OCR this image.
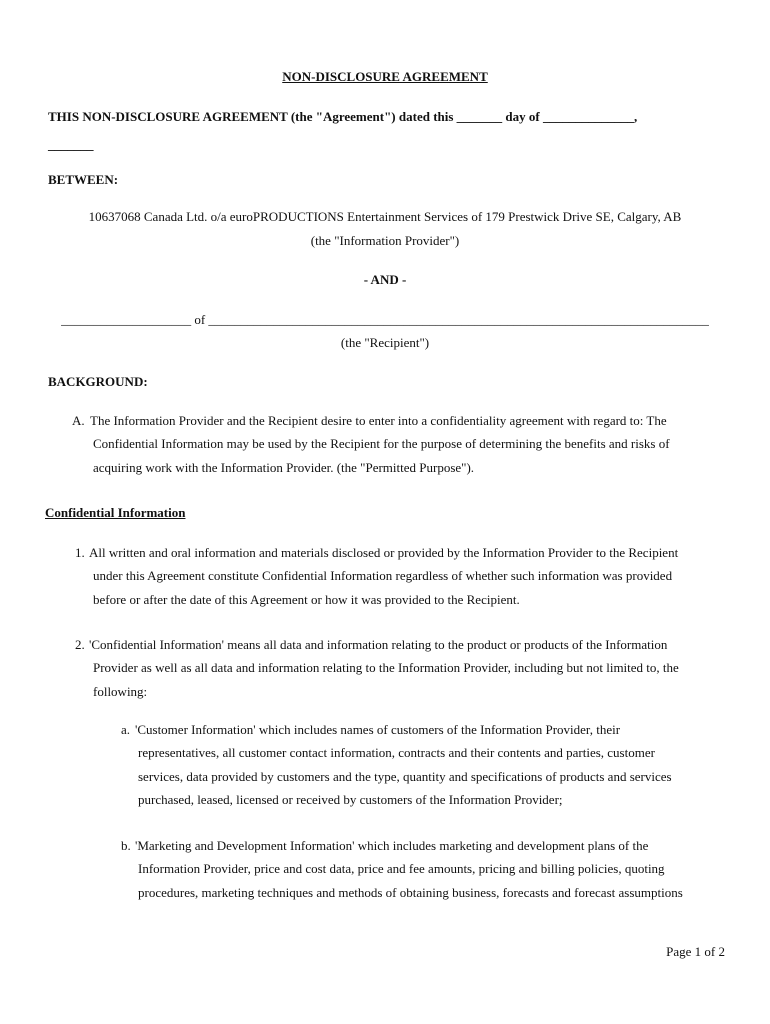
NON-DISCLOSURE AGREEMENT
THIS NON-DISCLOSURE AGREEMENT (the "Agreement") dated this _______ day of ______________,
_______
BETWEEN:
10637068 Canada Ltd. o/a euroPRODUCTIONS Entertainment Services of 179 Prestwick Drive SE, Calgary, AB
(the "Information Provider")
- AND -
____________________ of _____________________________________________________________________________
(the "Recipient")
BACKGROUND:
A. The Information Provider and the Recipient desire to enter into a confidentiality agreement with regard to: The
Confidential Information may be used by the Recipient for the purpose of determining the benefits and risks of
acquiring work with the Information Provider. (the "Permitted Purpose").
Confidential Information
1. All written and oral information and materials disclosed or provided by the Information Provider to the Recipient
under this Agreement constitute Confidential Information regardless of whether such information was provided
before or after the date of this Agreement or how it was provided to the Recipient.
2. 'Confidential Information' means all data and information relating to the product or products of the Information
Provider as well as all data and information relating to the Information Provider, including but not limited to, the
following:
a. 'Customer Information' which includes names of customers of the Information Provider, their
representatives, all customer contact information, contracts and their contents and parties, customer
services, data provided by customers and the type, quantity and specifications of products and services
purchased, leased, licensed or received by customers of the Information Provider;
b. 'Marketing and Development Information' which includes marketing and development plans of the
Information Provider, price and cost data, price and fee amounts, pricing and billing policies, quoting
procedures, marketing techniques and methods of obtaining business, forecasts and forecast assumptions
Page 1 of 2
